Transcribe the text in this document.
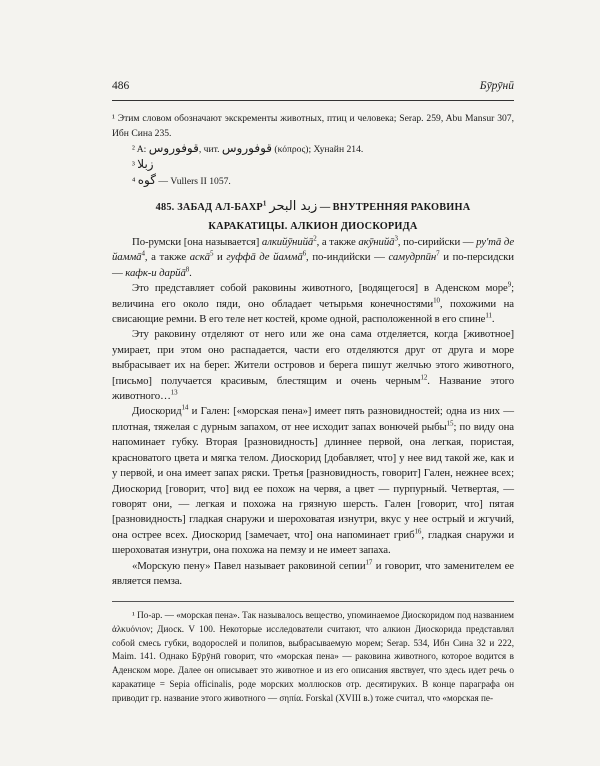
486	Бӯрӯнӣ

¹ Этим словом обозначают экскременты животных, птиц и человека; Serap. 259, Abu Mansur 307, Ибн Сина 235.

² A: قوفوروس, чит. قوفوروس (κόπρος); Хунайн 214.

³ زبلا

⁴ گوه — Vullers II 1057.

485. ЗАБАД АЛ-БАХР$^1$ زبد البحر — ВНУТРЕННЯЯ РАКОВИНА
КАРАКАТИЦЫ. АЛКИОН ДИОСКОРИДА

По-румски [она называется] алкийӯнийā$^2$, а также акӯнийā$^3$, по-сирийски — ру'тā де йаммā$^4$, а также аскā$^5$ и гуффā де йаммā$^6$, по-индийски — самудрпӣн$^7$ и по-персидски — кафк-и дарйā$^8$.

Это представляет собой раковины животного, [водящегося] в Аденском море$^9$; величина его около пяди, оно обладает четырьмя конечностями$^{10}$, похожими на свисающие ремни. В его теле нет костей, кроме одной, расположенной в его спине$^{11}$.

Эту раковину отделяют от него или же она сама отделяется, когда [животное] умирает, при этом оно распадается, части его отделяются друг от друга и море выбрасывает их на берег. Жители островов и берега пишут желчью этого животного, [письмо] получается красивым, блестящим и очень черным$^{12}$. Название этого животного…$^{13}$

Диоскорид$^{14}$ и Гален: [«морская пена»] имеет пять разновидностей; одна из них — плотная, тяжелая с дурным запахом, от нее исходит запах вонючей рыбы$^{15}$; по виду она напоминает губку. Вторая [разновидность] длиннее первой, она легкая, пористая, красноватого цвета и мягка телом. Диоскорид [добавляет, что] у нее вид такой же, как и у первой, и она имеет запах ряски. Третья [разновидность, говорит] Гален, нежнее всех; Диоскорид [говорит, что] вид ее похож на червя, а цвет — пурпурный. Четвертая, — говорят они, — легкая и похожа на грязную шерсть. Гален [говорит, что] пятая [разновидность] гладкая снаружи и шероховатая изнутри, вкус у нее острый и жгучий, она острее всех. Диоскорид [замечает, что] она напоминает гриб$^{16}$, гладкая снаружи и шероховатая изнутри, она похожа на пемзу и не имеет запаха.

«Морскую пену» Павел называет раковиной сепии$^{17}$ и говорит, что заменителем ее является пемза.

¹ По-ар. — «морская пена». Так называлось вещество, упоминаемое Диоскоридом под названием ἀλκυόνιον; Диоск. V 100. Некоторые исследователи считают, что алкион Диоскорида представлял собой смесь губки, водорослей и полипов, выбрасываемую морем; Serap. 534, Ибн Сина 32 и 222, Maim. 141. Однако Бӯрӯнӣ говорит, что «морская пена» — раковина животного, которое водится в Аденском море. Далее он описывает это животное и из его описания явствует, что здесь идет речь о каракатице = Sepia officinalis, роде морских моллюсков отр. десятируких. В конце параграфа он приводит гр. название этого животного — σηπία. Forskal (XVIII в.) тоже считал, что «морская пе-
